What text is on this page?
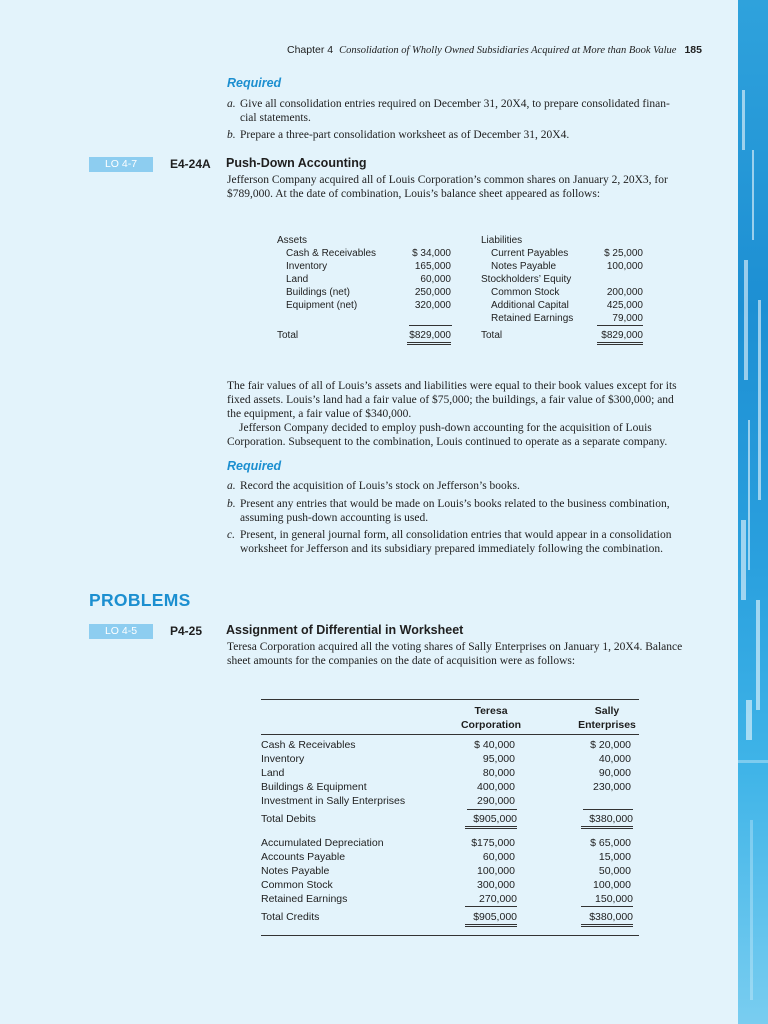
Chapter 4 Consolidation of Wholly Owned Subsidiaries Acquired at More than Book Value 185
Required
a. Give all consolidation entries required on December 31, 20X4, to prepare consolidated finan-
cial statements.
b. Prepare a three-part consolidation worksheet as of December 31, 20X4.
LO 4-7	E4-24A Push-Down Accounting
Jefferson Company acquired all of Louis Corporation’s common shares on January 2, 20X3, for
$789,000. At the date of combination, Louis’s balance sheet appeared as follows:
Assets
Cash & Receivables	$ 34,000
Inventory	165,000
Land	60,000
Buildings (net)	250,000
Equipment (net)	320,000
Total	$829,000
Liabilities
Current Payables	$ 25,000
Notes Payable	100,000
Stockholders’ Equity
Common Stock	200,000
Additional Capital	425,000
Retained Earnings	79,000
Total	$829,000
The fair values of all of Louis’s assets and liabilities were equal to their book values except for its
fixed assets. Louis’s land had a fair value of $75,000; the buildings, a fair value of $300,000; and
the equipment, a fair value of $340,000.
Jefferson Company decided to employ push-down accounting for the acquisition of Louis
Corporation. Subsequent to the combination, Louis continued to operate as a separate company.
Required
a. Record the acquisition of Louis’s stock on Jefferson’s books.
b. Present any entries that would be made on Louis’s books related to the business combination,
assuming push-down accounting is used.
c. Present, in general journal form, all consolidation entries that would appear in a consolidation
worksheet for Jefferson and its subsidiary prepared immediately following the combination.
PROBLEMS
LO 4-5	P4-25 Assignment of Differential in Worksheet
Teresa Corporation acquired all the voting shares of Sally Enterprises on January 1, 20X4. Balance
sheet amounts for the companies on the date of acquisition were as follows:
Teresa
Corporation
Sally
Enterprises
Cash & Receivables	$ 40,000	$ 20,000
Inventory	95,000	40,000
Land	80,000	90,000
Buildings & Equipment	400,000	230,000
Investment in Sally Enterprises	290,000
Total Debits	$905,000	$380,000
Accumulated Depreciation	$175,000	$ 65,000
Accounts Payable	60,000	15,000
Notes Payable	100,000	50,000
Common Stock	300,000	100,000
Retained Earnings	270,000	150,000
Total Credits	$905,000	$380,000
